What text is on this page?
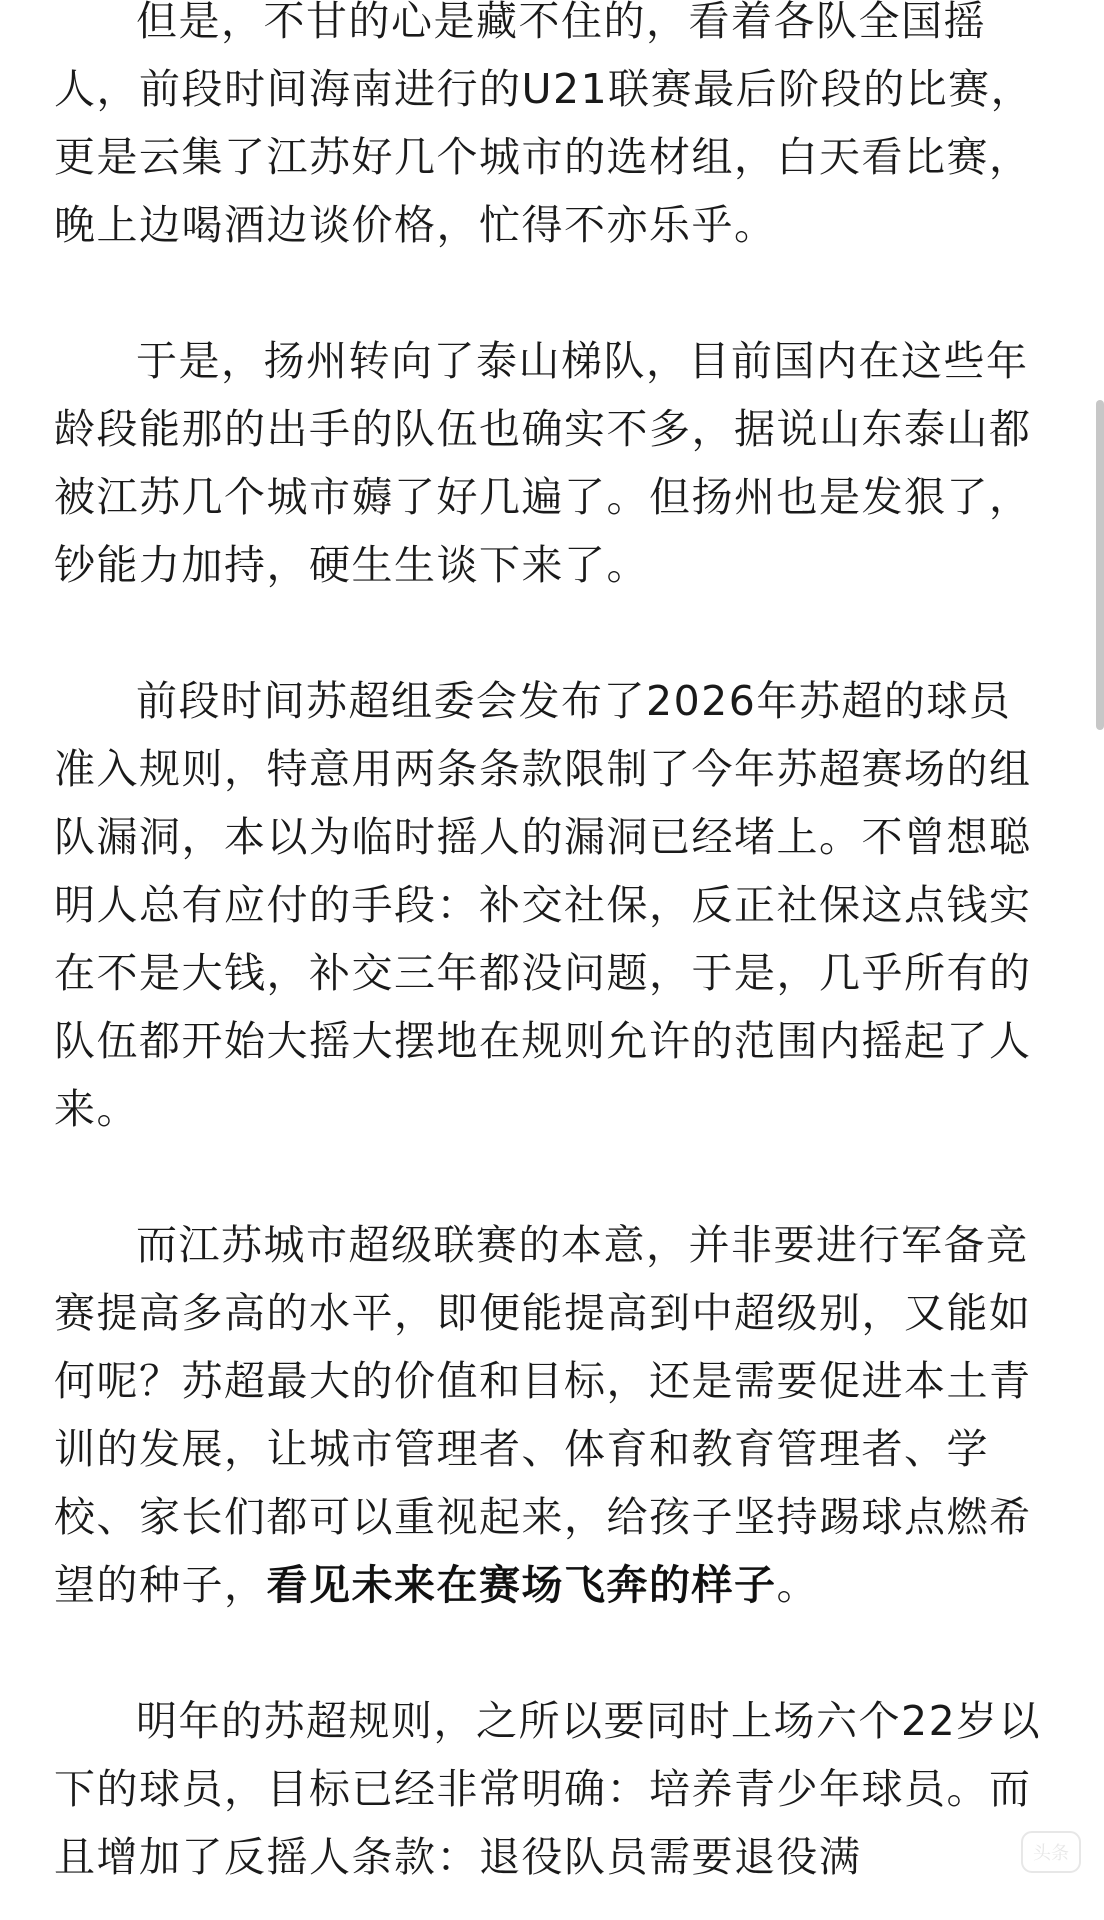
但是，不甘的心是藏不住的，看着各队全国摇人，前段时间海南进行的U21联赛最后阶段的比赛，更是云集了江苏好几个城市的选材组，白天看比赛，晚上边喝酒边谈价格，忙得不亦乐乎。

于是，扬州转向了泰山梯队，目前国内在这些年龄段能那的出手的队伍也确实不多，据说山东泰山都被江苏几个城市薅了好几遍了。但扬州也是发狠了，钞能力加持，硬生生谈下来了。

前段时间苏超组委会发布了2026年苏超的球员准入规则，特意用两条条款限制了今年苏超赛场的组队漏洞，本以为临时摇人的漏洞已经堵上。不曾想聪明人总有应付的手段：补交社保，反正社保这点钱实在不是大钱，补交三年都没问题，于是，几乎所有的队伍都开始大摇大摆地在规则允许的范围内摇起了人来。

而江苏城市超级联赛的本意，并非要进行军备竞赛提高多高的水平，即便能提高到中超级别，又能如何呢？苏超最大的价值和目标，还是需要促进本土青训的发展，让城市管理者、体育和教育管理者、学校、家长们都可以重视起来，给孩子坚持踢球点燃希望的种子，看见未来在赛场飞奔的样子。

明年的苏超规则，之所以要同时上场六个22岁以下的球员，目标已经非常明确：培养青少年球员。而且增加了反摇人条款：退役队员需要退役满	头条
